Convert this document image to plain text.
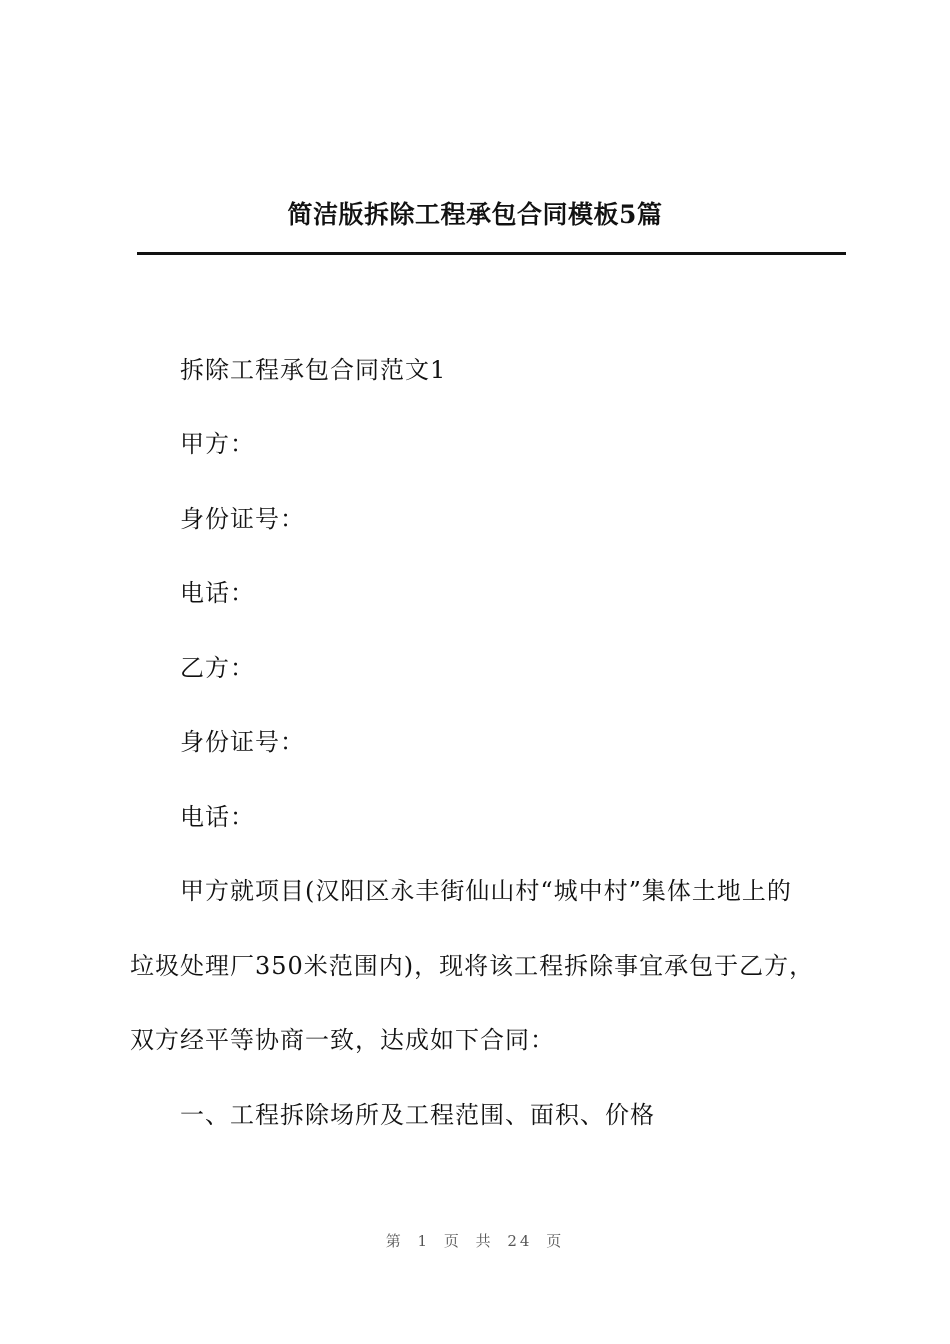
简洁版拆除工程承包合同模板5篇

拆除工程承包合同范文1

甲方：

身份证号：

电话：

乙方：

身份证号：

电话：

甲方就项目(汉阳区永丰街仙山村“城中村”集体土地上的

垃圾处理厂350米范围内)，现将该工程拆除事宜承包于乙方，

双方经平等协商一致，达成如下合同：

一、工程拆除场所及工程范围、面积、价格

第 1 页 共 24 页
